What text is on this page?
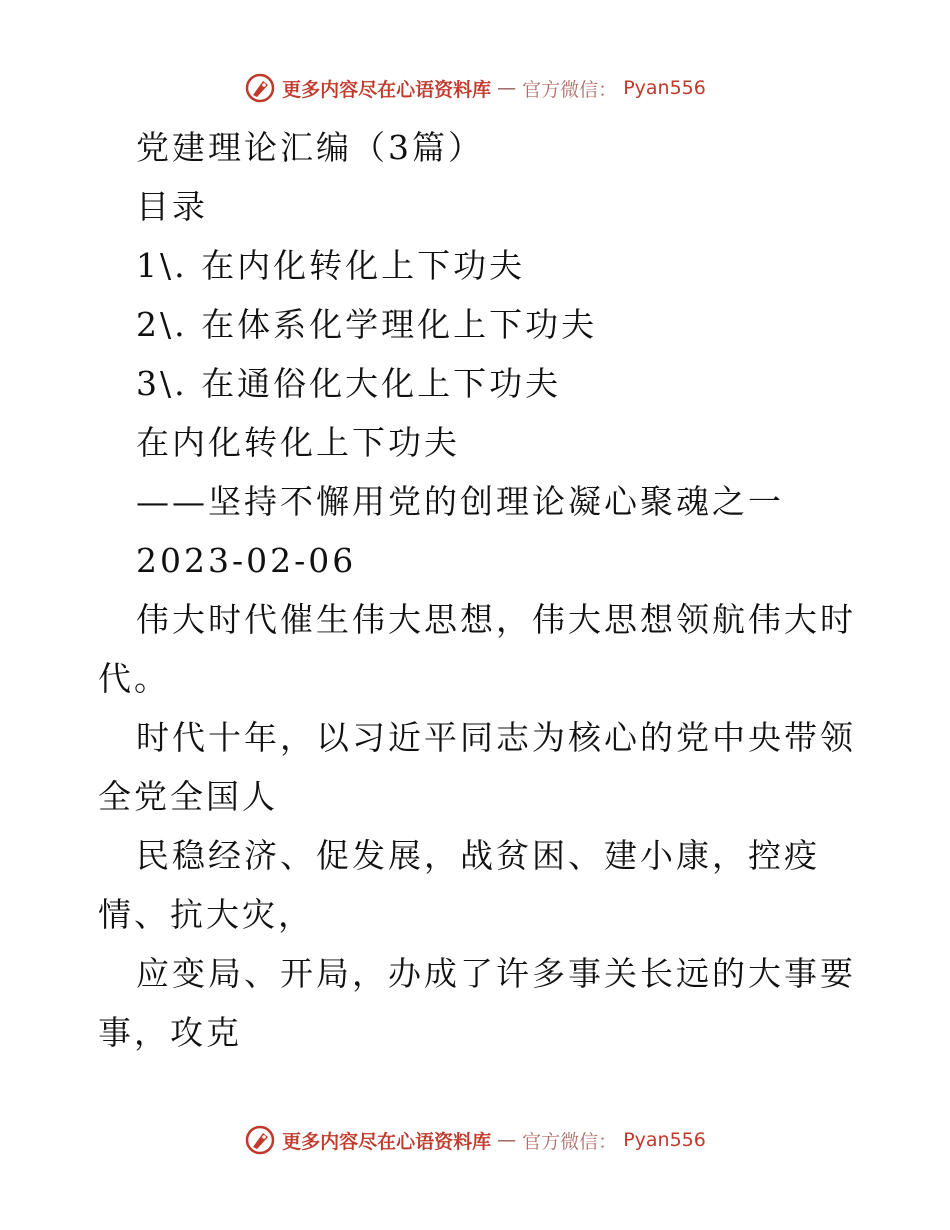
更多内容尽在心语资料库 — 官方微信： Pyan556
党建理论汇编（3篇）
目录
1\. 在内化转化上下功夫
2\. 在体系化学理化上下功夫
3\. 在通俗化大化上下功夫
在内化转化上下功夫
——坚持不懈用党的创理论凝心聚魂之一
2023-02-06

伟大时代催生伟大思想，伟大思想领航伟大时代。

时代十年，以习近平同志为核心的党中央带领全党全国人

民稳经济、促发展，战贫困、建小康，控疫情、抗大灾，

应变局、开局，办成了许多事关长远的大事要事，攻克

更多内容尽在心语资料库 — 官方微信： Pyan556
